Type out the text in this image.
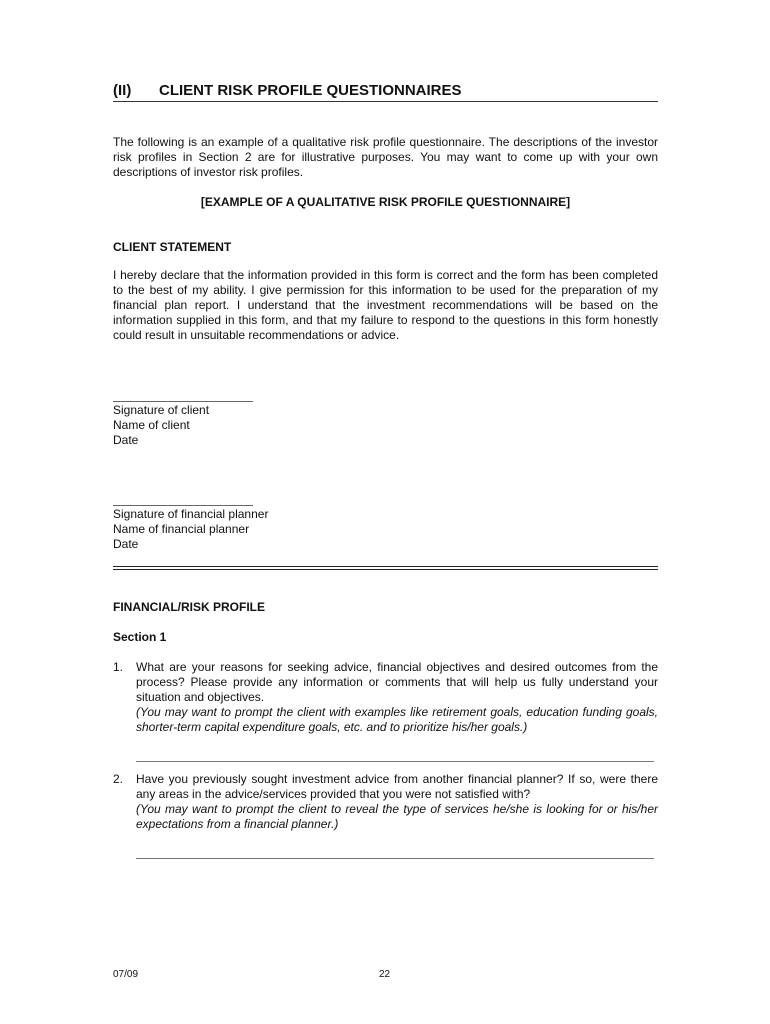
(II) CLIENT RISK PROFILE QUESTIONNAIRES
The following is an example of a qualitative risk profile questionnaire. The descriptions of the investor risk profiles in Section 2 are for illustrative purposes. You may want to come up with your own descriptions of investor risk profiles.
[EXAMPLE OF A QUALITATIVE RISK PROFILE QUESTIONNAIRE]
CLIENT STATEMENT
I hereby declare that the information provided in this form is correct and the form has been completed to the best of my ability. I give permission for this information to be used for the preparation of my financial plan report. I understand that the investment recommendations will be based on the information supplied in this form, and that my failure to respond to the questions in this form honestly could result in unsuitable recommendations or advice.
Signature of client
Name of client
Date
Signature of financial planner
Name of financial planner
Date
FINANCIAL/RISK PROFILE
Section 1
1. What are your reasons for seeking advice, financial objectives and desired outcomes from the process? Please provide any information or comments that will help us fully understand your situation and objectives.
(You may want to prompt the client with examples like retirement goals, education funding goals, shorter-term capital expenditure goals, etc. and to prioritize his/her goals.)
2. Have you previously sought investment advice from another financial planner? If so, were there any areas in the advice/services provided that you were not satisfied with?
(You may want to prompt the client to reveal the type of services he/she is looking for or his/her expectations from a financial planner.)
07/09	22
